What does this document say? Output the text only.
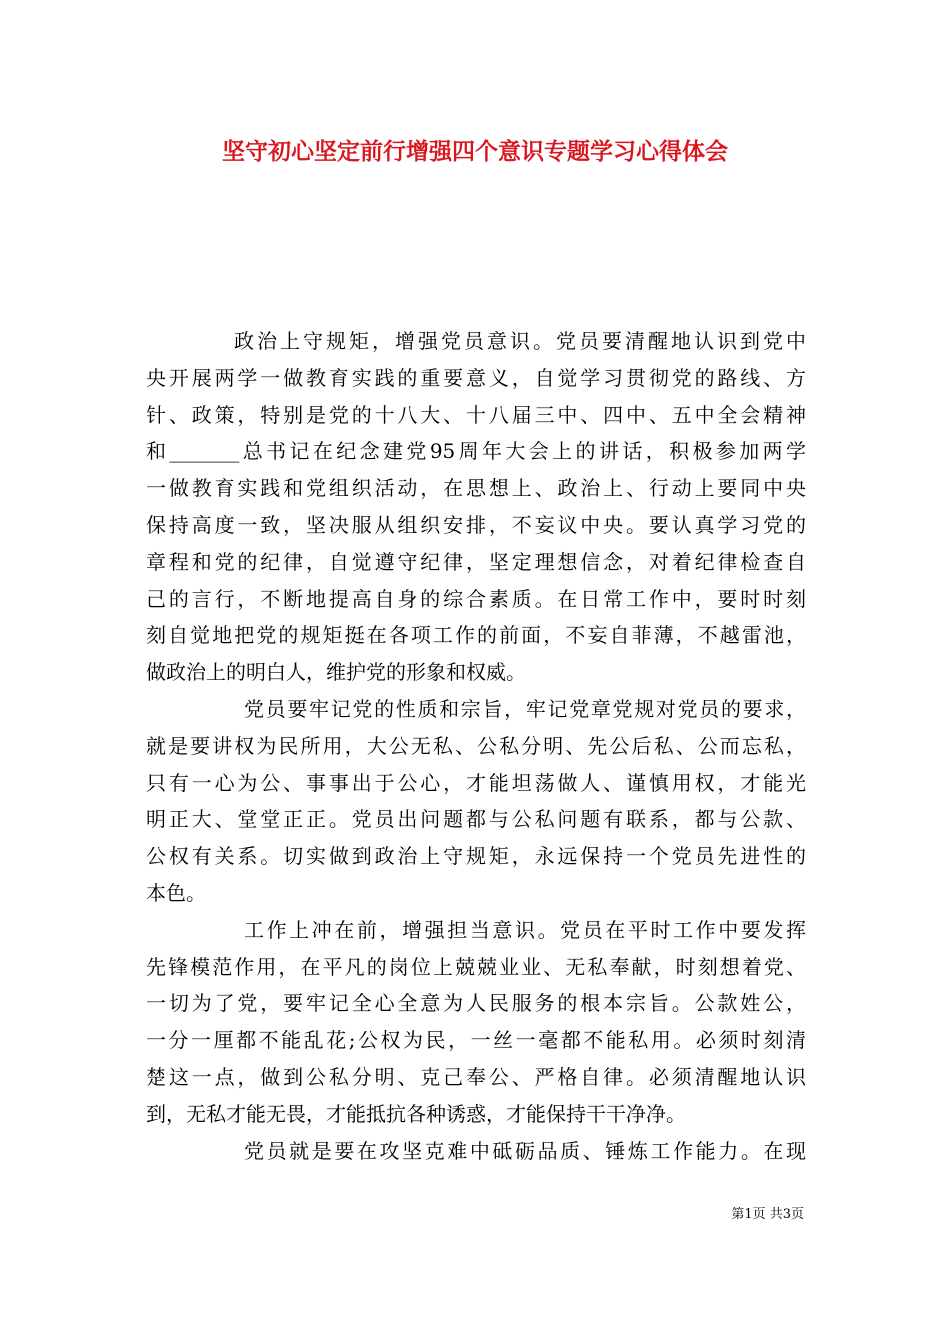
坚守初心坚定前行增强四个意识专题学习心得体会
政治上守规矩，增强党员意识。党员要清醒地认识到党中
央开展两学一做教育实践的重要意义，自觉学习贯彻党的路线、方
针、政策，特别是党的十八大、十八届三中、四中、五中全会精神
和_______总书记在纪念建党95周年大会上的讲话，积极参加两学
一做教育实践和党组织活动，在思想上、政治上、行动上要同中央
保持高度一致，坚决服从组织安排，不妄议中央。要认真学习党的
章程和党的纪律，自觉遵守纪律，坚定理想信念，对着纪律检查自
己的言行，不断地提高自身的综合素质。在日常工作中，要时时刻
刻自觉地把党的规矩挺在各项工作的前面，不妄自菲薄，不越雷池，
做政治上的明白人，维护党的形象和权威。
党员要牢记党的性质和宗旨，牢记党章党规对党员的要求，
就是要讲权为民所用，大公无私、公私分明、先公后私、公而忘私，
只有一心为公、事事出于公心，才能坦荡做人、谨慎用权，才能光
明正大、堂堂正正。党员出问题都与公私问题有联系，都与公款、
公权有关系。切实做到政治上守规矩，永远保持一个党员先进性的
本色。
工作上冲在前，增强担当意识。党员在平时工作中要发挥
先锋模范作用，在平凡的岗位上兢兢业业、无私奉献，时刻想着党、
一切为了党，要牢记全心全意为人民服务的根本宗旨。公款姓公，
一分一厘都不能乱花;公权为民，一丝一毫都不能私用。必须时刻清
楚这一点，做到公私分明、克己奉公、严格自律。必须清醒地认识
到，无私才能无畏，才能抵抗各种诱惑，才能保持干干净净。
党员就是要在攻坚克难中砥砺品质、锤炼工作能力。在现
第1页 共3页
